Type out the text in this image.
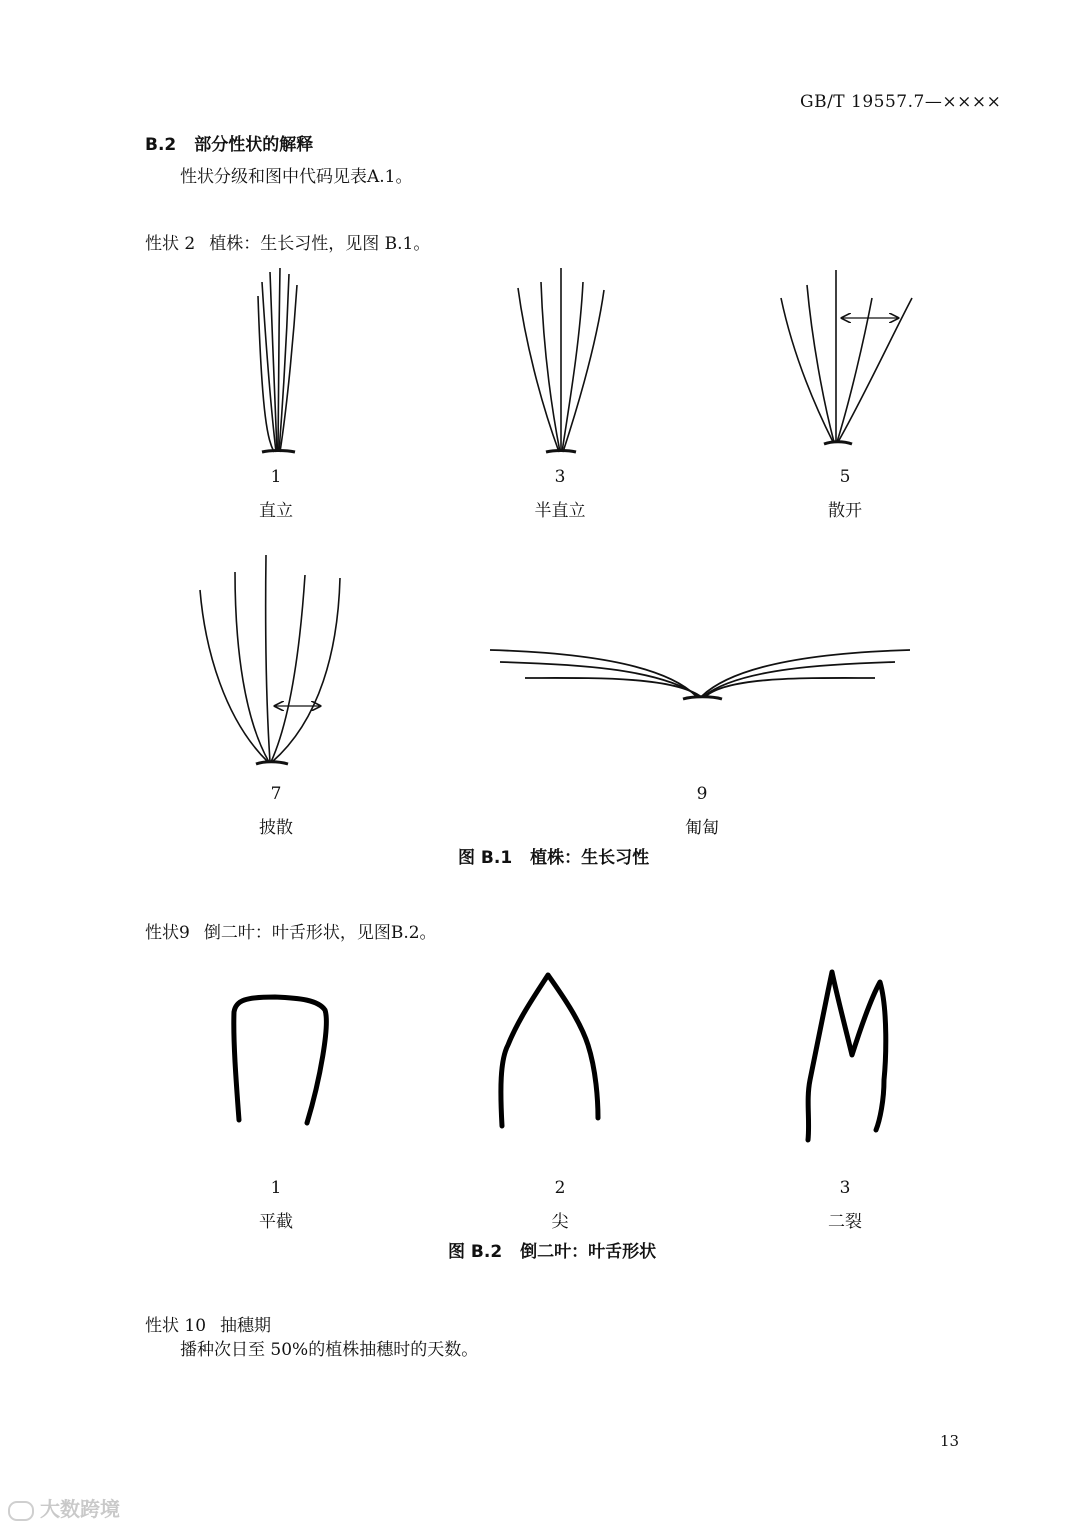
GB/T 19557.7—××××
B.2 部分性状的解释
性状分级和图中代码见表A.1。
性状 2 植株：生长习性，见图 B.1。
1
直立
3
半直立
5
散开
7
披散
9
匍匐
图 B.1 植株：生长习性
性状9 倒二叶：叶舌形状，见图B.2。
1
平截
2
尖
3
二裂
图 B.2 倒二叶：叶舌形状
性状 10 抽穗期
播种次日至 50%的植株抽穗时的天数。
13
大数跨境
